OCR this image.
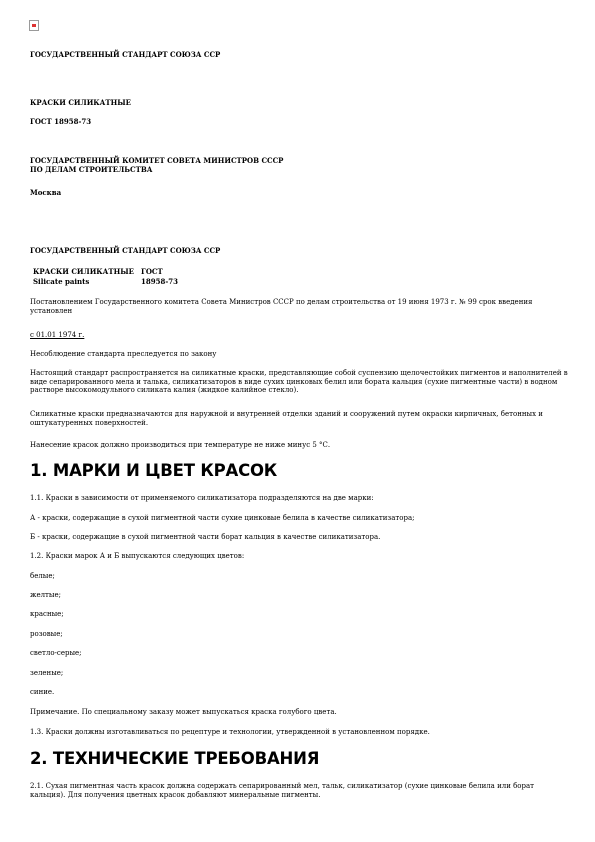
ГОСУДАРСТВЕННЫЙ СТАНДАРТ СОЮЗА ССР
КРАСКИ СИЛИКАТНЫЕ
ГОСТ 18958-73
ГОСУДАРСТВЕННЫЙ КОМИТЕТ СОВЕТА МИНИСТРОВ СССР
ПО ДЕЛАМ СТРОИТЕЛЬСТВА
Москва
ГОСУДАРСТВЕННЫЙ СТАНДАРТ СОЮЗА ССР
КРАСКИ СИЛИКАТНЫЕ
Silicate paints
ГОСТ
18958-73
Постановлением Государственного комитета Совета Министров СССР по делам строительства от 19 июня 1973 г. № 99 срок введения установлен
с 01.01 1974 г.
Несоблюдение стандарта преследуется по закону
Настоящий стандарт распространяется на силикатные краски, представляющие собой суспензию щелочестойких пигментов и наполнителей в виде сепарированного мела и талька, силикатизаторов в виде сухих цинковых белил или бората кальция (сухие пигментные части) в водном растворе высокомодульного силиката калия (жидкое калийное стекло).
Силикатные краски предназначаются для наружной и внутренней отделки зданий и сооружений путем окраски кирпичных, бетонных и оштукатуренных поверхностей.
Нанесение красок должно производиться при температуре не ниже минус 5 °С.
1. МАРКИ И ЦВЕТ КРАСОК
1.1. Краски в зависимости от применяемого силикатизатора подразделяются на две марки:
А - краски, содержащие в сухой пигментной части сухие цинковые белила в качестве силикатизатора;
Б - краски, содержащие в сухой пигментной части борат кальция в качестве силикатизатора.
1.2. Краски марок А и Б выпускаются следующих цветов:
белые;
желтые;
красные;
розовые;
светло-серые;
зеленые;
синие.
Примечание. По специальному заказу может выпускаться краска голубого цвета.
1.3. Краски должны изготавливаться по рецептуре и технологии, утвержденной в установленном порядке.
2. ТЕХНИЧЕСКИЕ ТРЕБОВАНИЯ
2.1. Сухая пигментная часть красок должна содержать сепарированный мел, тальк, силикатизатор (сухие цинковые белила или борат кальция). Для получения цветных красок добавляют минеральные пигменты.
